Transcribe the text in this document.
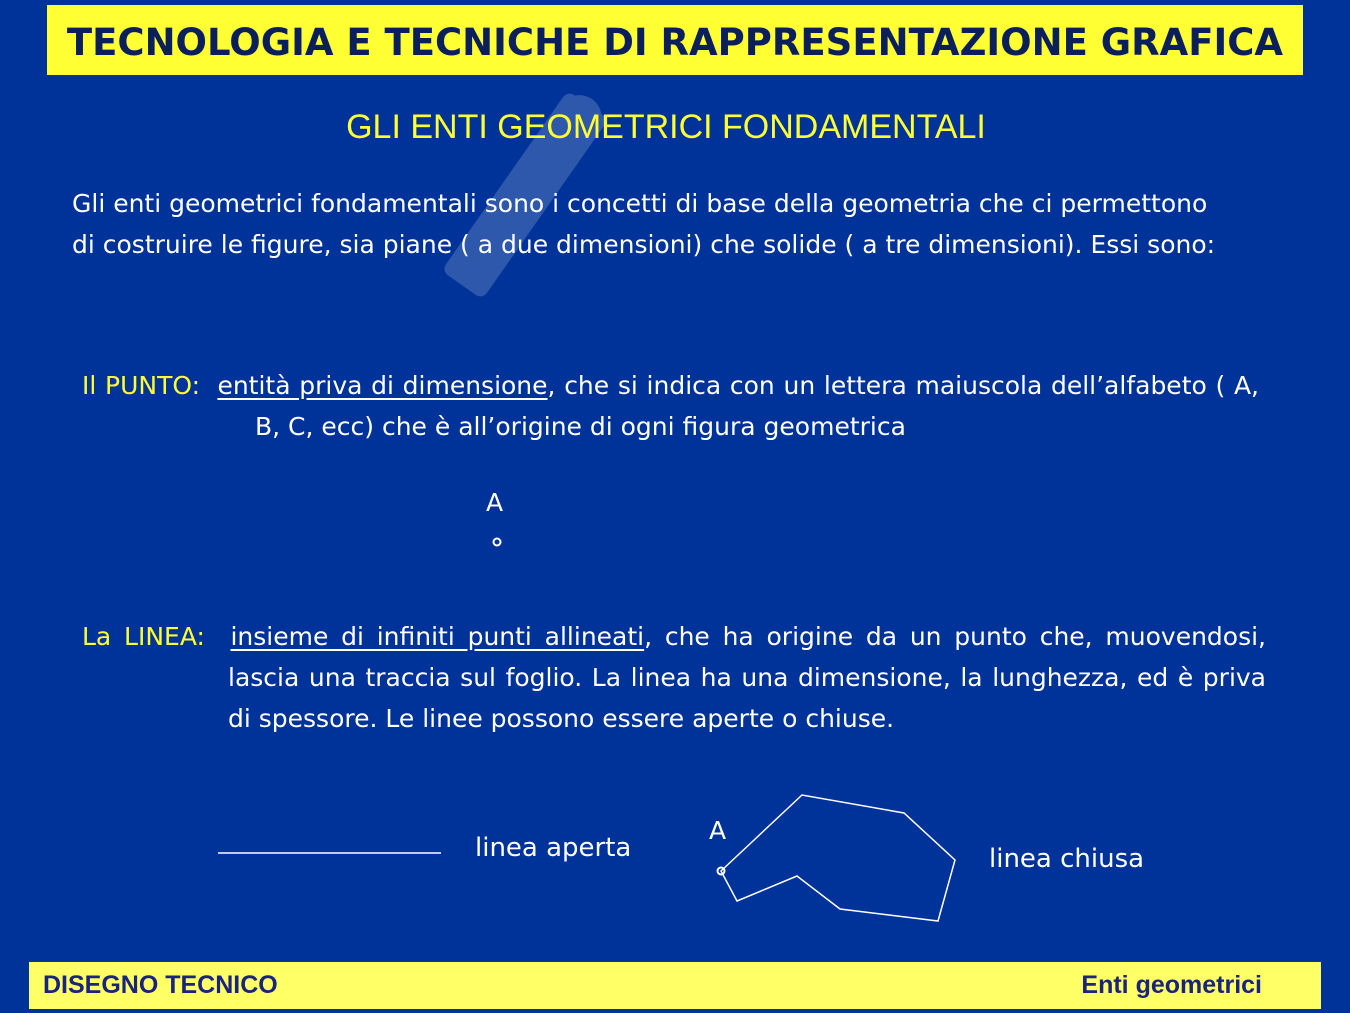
TECNOLOGIA E TECNICHE DI RAPPRESENTAZIONE GRAFICA
GLI ENTI GEOMETRICI FONDAMENTALI
Gli enti geometrici fondamentali sono i concetti di base della geometria che ci permettono di costruire le figure, sia piane ( a due dimensioni) che solide ( a tre dimensioni). Essi sono:
Il PUNTO: entità priva di dimensione, che si indica con un lettera maiuscola dell’alfabeto ( A, B, C, ecc) che è all’origine di ogni figura geometrica
A
La LINEA: insieme di infiniti punti allineati, che ha origine da un punto che, muovendosi, lascia una traccia sul foglio. La linea ha una dimensione, la lunghezza, ed è priva di spessore. Le linee possono essere aperte o chiuse.
linea aperta
A
linea chiusa
DISEGNO TECNICO	Enti geometrici
